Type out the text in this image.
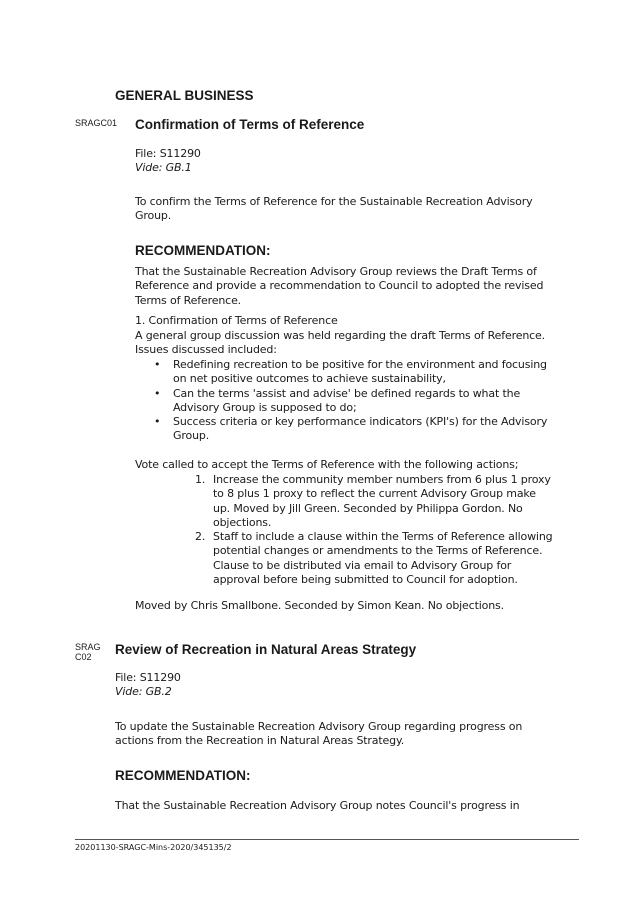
GENERAL BUSINESS
SRAGC01 Confirmation of Terms of Reference
File: S11290
Vide: GB.1
To confirm the Terms of Reference for the Sustainable Recreation Advisory Group.
RECOMMENDATION:
That the Sustainable Recreation Advisory Group reviews the Draft Terms of Reference and provide a recommendation to Council to adopted the revised Terms of Reference.
1. Confirmation of Terms of Reference
A general group discussion was held regarding the draft Terms of Reference. Issues discussed included:
• Redefining recreation to be positive for the environment and focusing on net positive outcomes to achieve sustainability,
• Can the terms 'assist and advise' be defined regards to what the Advisory Group is supposed to do;
• Success criteria or key performance indicators (KPI's) for the Advisory Group.
Vote called to accept the Terms of Reference with the following actions;
1. Increase the community member numbers from 6 plus 1 proxy to 8 plus 1 proxy to reflect the current Advisory Group make up. Moved by Jill Green. Seconded by Philippa Gordon. No objections.
2. Staff to include a clause within the Terms of Reference allowing potential changes or amendments to the Terms of Reference. Clause to be distributed via email to Advisory Group for approval before being submitted to Council for adoption.
Moved by Chris Smallbone. Seconded by Simon Kean. No objections.
SRAG
C02	Review of Recreation in Natural Areas Strategy
File: S11290
Vide: GB.2
To update the Sustainable Recreation Advisory Group regarding progress on actions from the Recreation in Natural Areas Strategy.
RECOMMENDATION:
That the Sustainable Recreation Advisory Group notes Council's progress in
20201130-SRAGC-Mins-2020/345135/2
